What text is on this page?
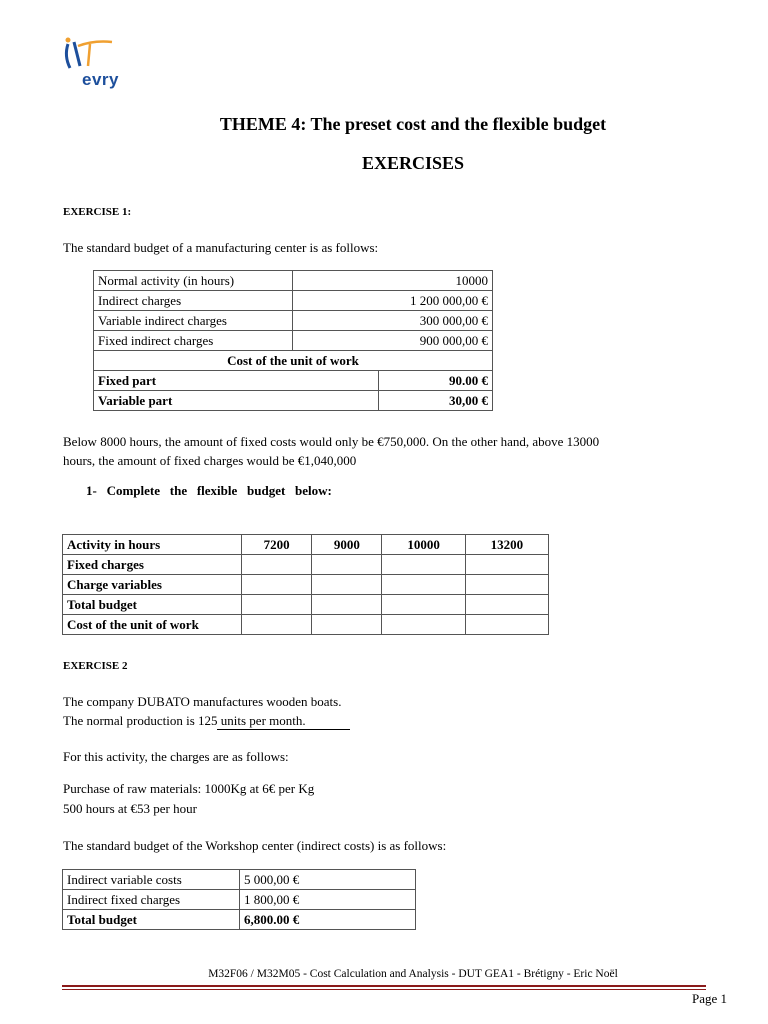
evry
THEME 4: The preset cost and the flexible budget
EXERCISES
EXERCISE 1:
The standard budget of a manufacturing center is as follows:
Normal activity (in hours)	10000	
Indirect charges	1 200 000,00 €	
Variable indirect charges	300 000,00 €	
Fixed indirect charges	900 000,00 €	
Cost of the unit of work		
Fixed part		90.00 €
Variable part		30,00 €
Below 8000 hours, the amount of fixed costs would only be €750,000. On the other hand, above 13000
hours, the amount of fixed charges would be €1,040,000
1-   Complete   the   flexible   budget   below:
Activity in hours	7200	9000	10000	13200
Fixed charges				
Charge variables				
Total budget				
Cost of the unit of work				
EXERCISE 2
The company DUBATO manufactures wooden boats.
The normal production is 125 units per month.
For this activity, the charges are as follows:
Purchase of raw materials: 1000Kg at 6€ per Kg
500 hours at €53 per hour
The standard budget of the Workshop center (indirect costs) is as follows:
Indirect variable costs	5 000,00 €
Indirect fixed charges	1 800,00 €
Total budget	6,800.00 €
M32F06 / M32M05 - Cost Calculation and Analysis - DUT GEA1 - Brétigny - Eric Noël
Page 1
